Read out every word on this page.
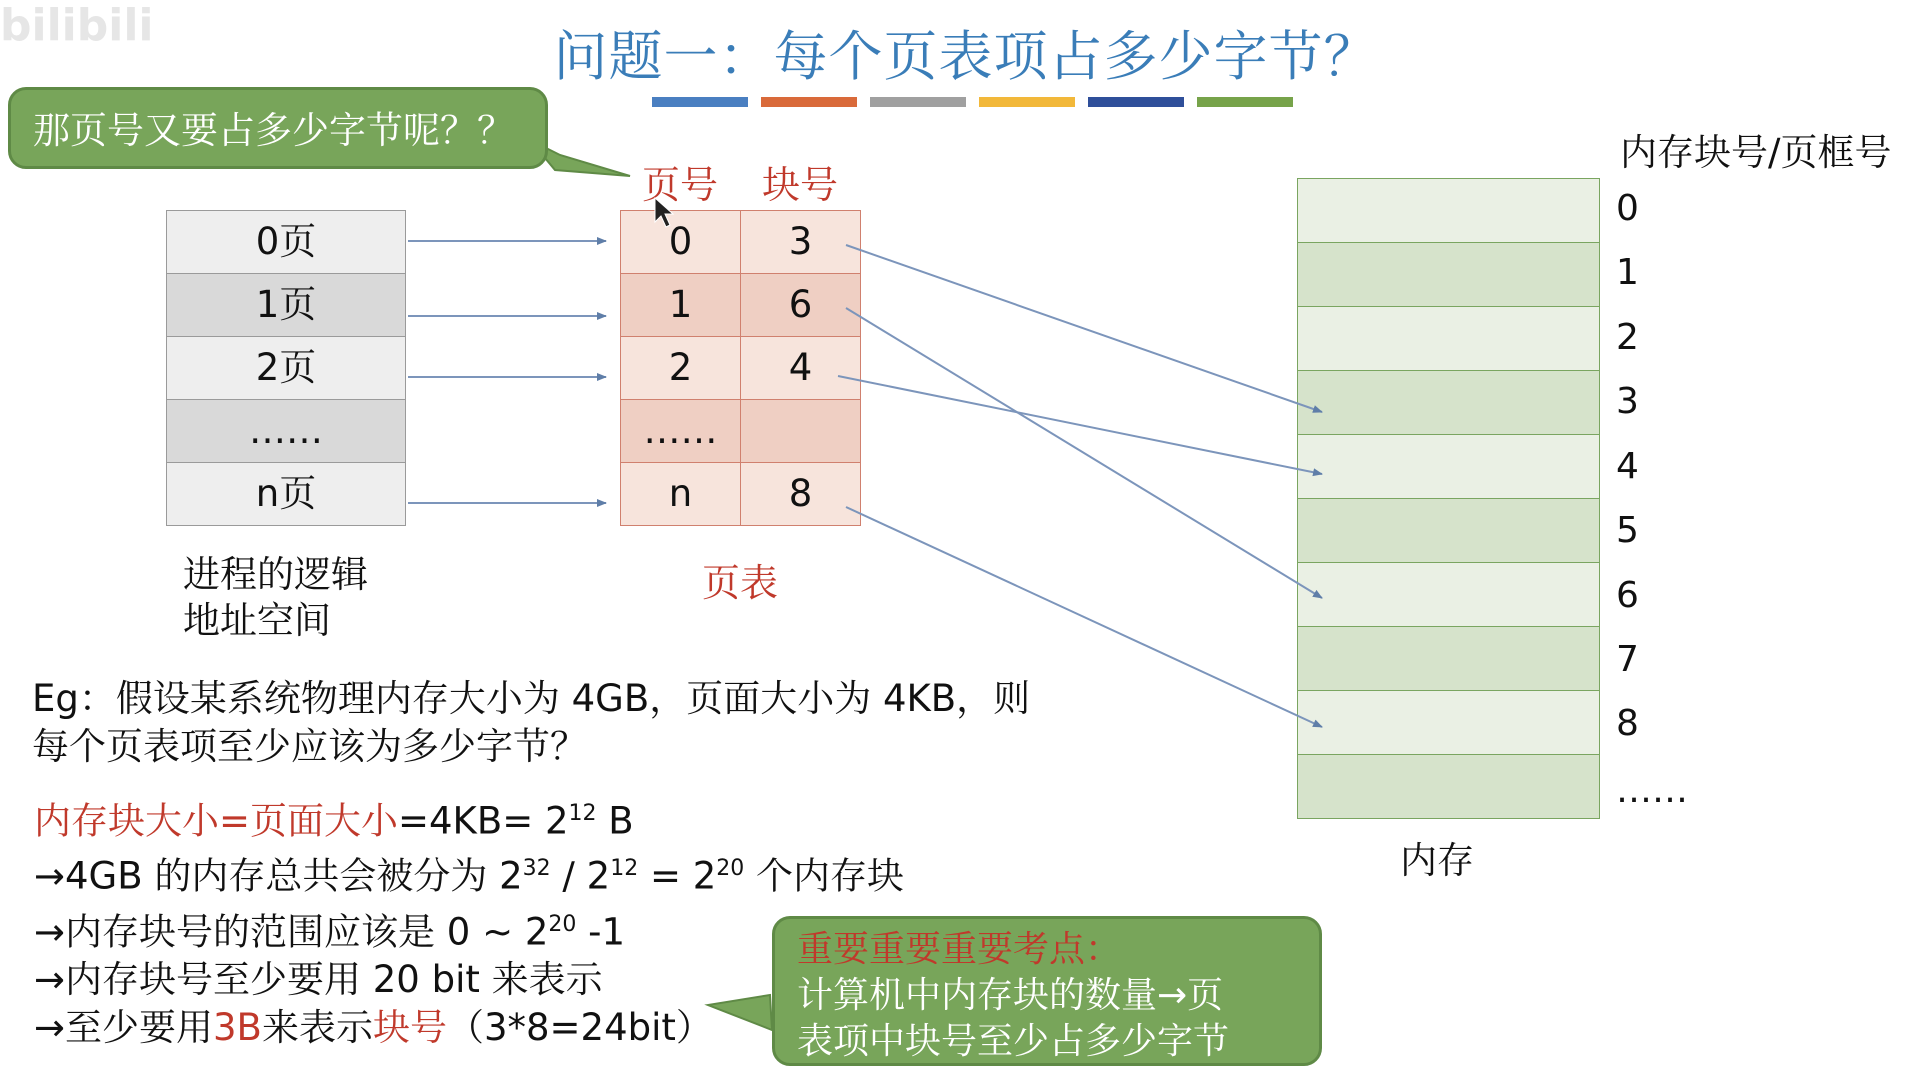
bilibili	问题一：每个页表项占多少字节？
那页号又要占多少字节呢？？
0页
1页
2页
……
n页
进程的逻辑
地址空间
页号	块号
0	3
1	6
2	4
……
n	8
页表
内存块号/页框号
0
1
2
3
4
5
6
7
8
……
内存
Eg：假设某系统物理内存大小为 4GB，页面大小为 4KB，则
每个页表项至少应该为多少字节？
内存块大小=页面大小$=4KB= 2^{12}$ B
→4GB 的内存总共会被分为 $2^{32} / 2^{12} = 2^{20}$ 个内存块
→内存块号的范围应该是 0 ~ $2^{20}$ -1
→内存块号至少要用 20 bit 来表示
→至少要用3B来表示块号（3*8=24bit）
重要重要重要考点：
计算机中内存块的数量→页
表项中块号至少占多少字节
